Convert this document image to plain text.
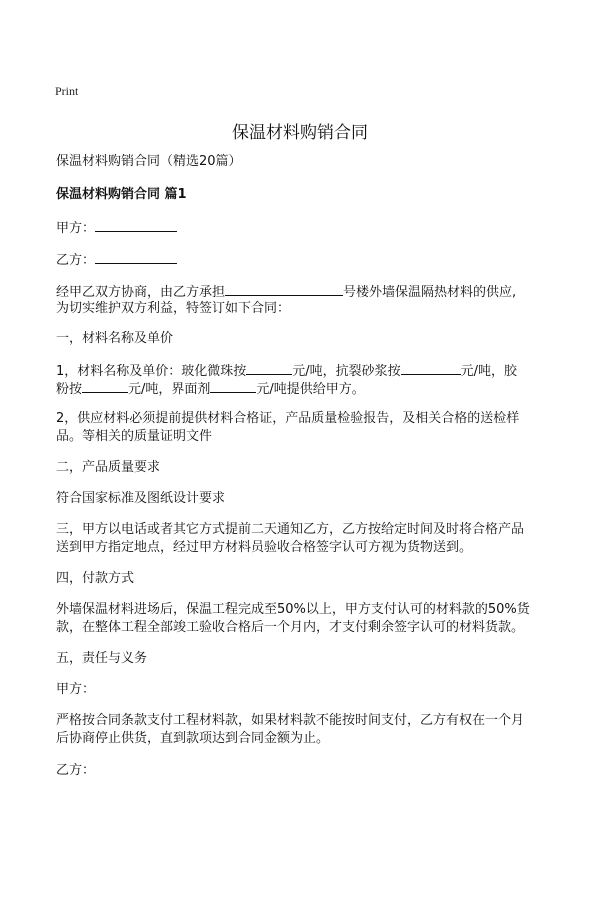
Print
保温材料购销合同
保温材料购销合同（精选20篇）
保温材料购销合同 篇1
甲方：
乙方：
经甲乙双方协商，由乙方承担	号楼外墙保温隔热材料的供应,
为切实维护双方利益，特签订如下合同：
一，材料名称及单价
1，材料名称及单价：玻化微珠按	元/吨，抗裂砂浆按	元/吨，胶
粉按	元/吨，界面剂	元/吨提供给甲方。
2，供应材料必须提前提供材料合格证，产品质量检验报告，及相关合格的送检样
品。等相关的质量证明文件
二，产品质量要求
符合国家标准及图纸设计要求
三，甲方以电话或者其它方式提前二天通知乙方，乙方按给定时间及时将合格产品
送到甲方指定地点，经过甲方材料员验收合格签字认可方视为货物送到。
四，付款方式
外墙保温材料进场后，保温工程完成至50%以上，甲方支付认可的材料款的50%货
款，在整体工程全部竣工验收合格后一个月内，才支付剩余签字认可的材料货款。
五，责任与义务
甲方：
严格按合同条款支付工程材料款，如果材料款不能按时间支付，乙方有权在一个月
后协商停止供货，直到款项达到合同金额为止。
乙方：
